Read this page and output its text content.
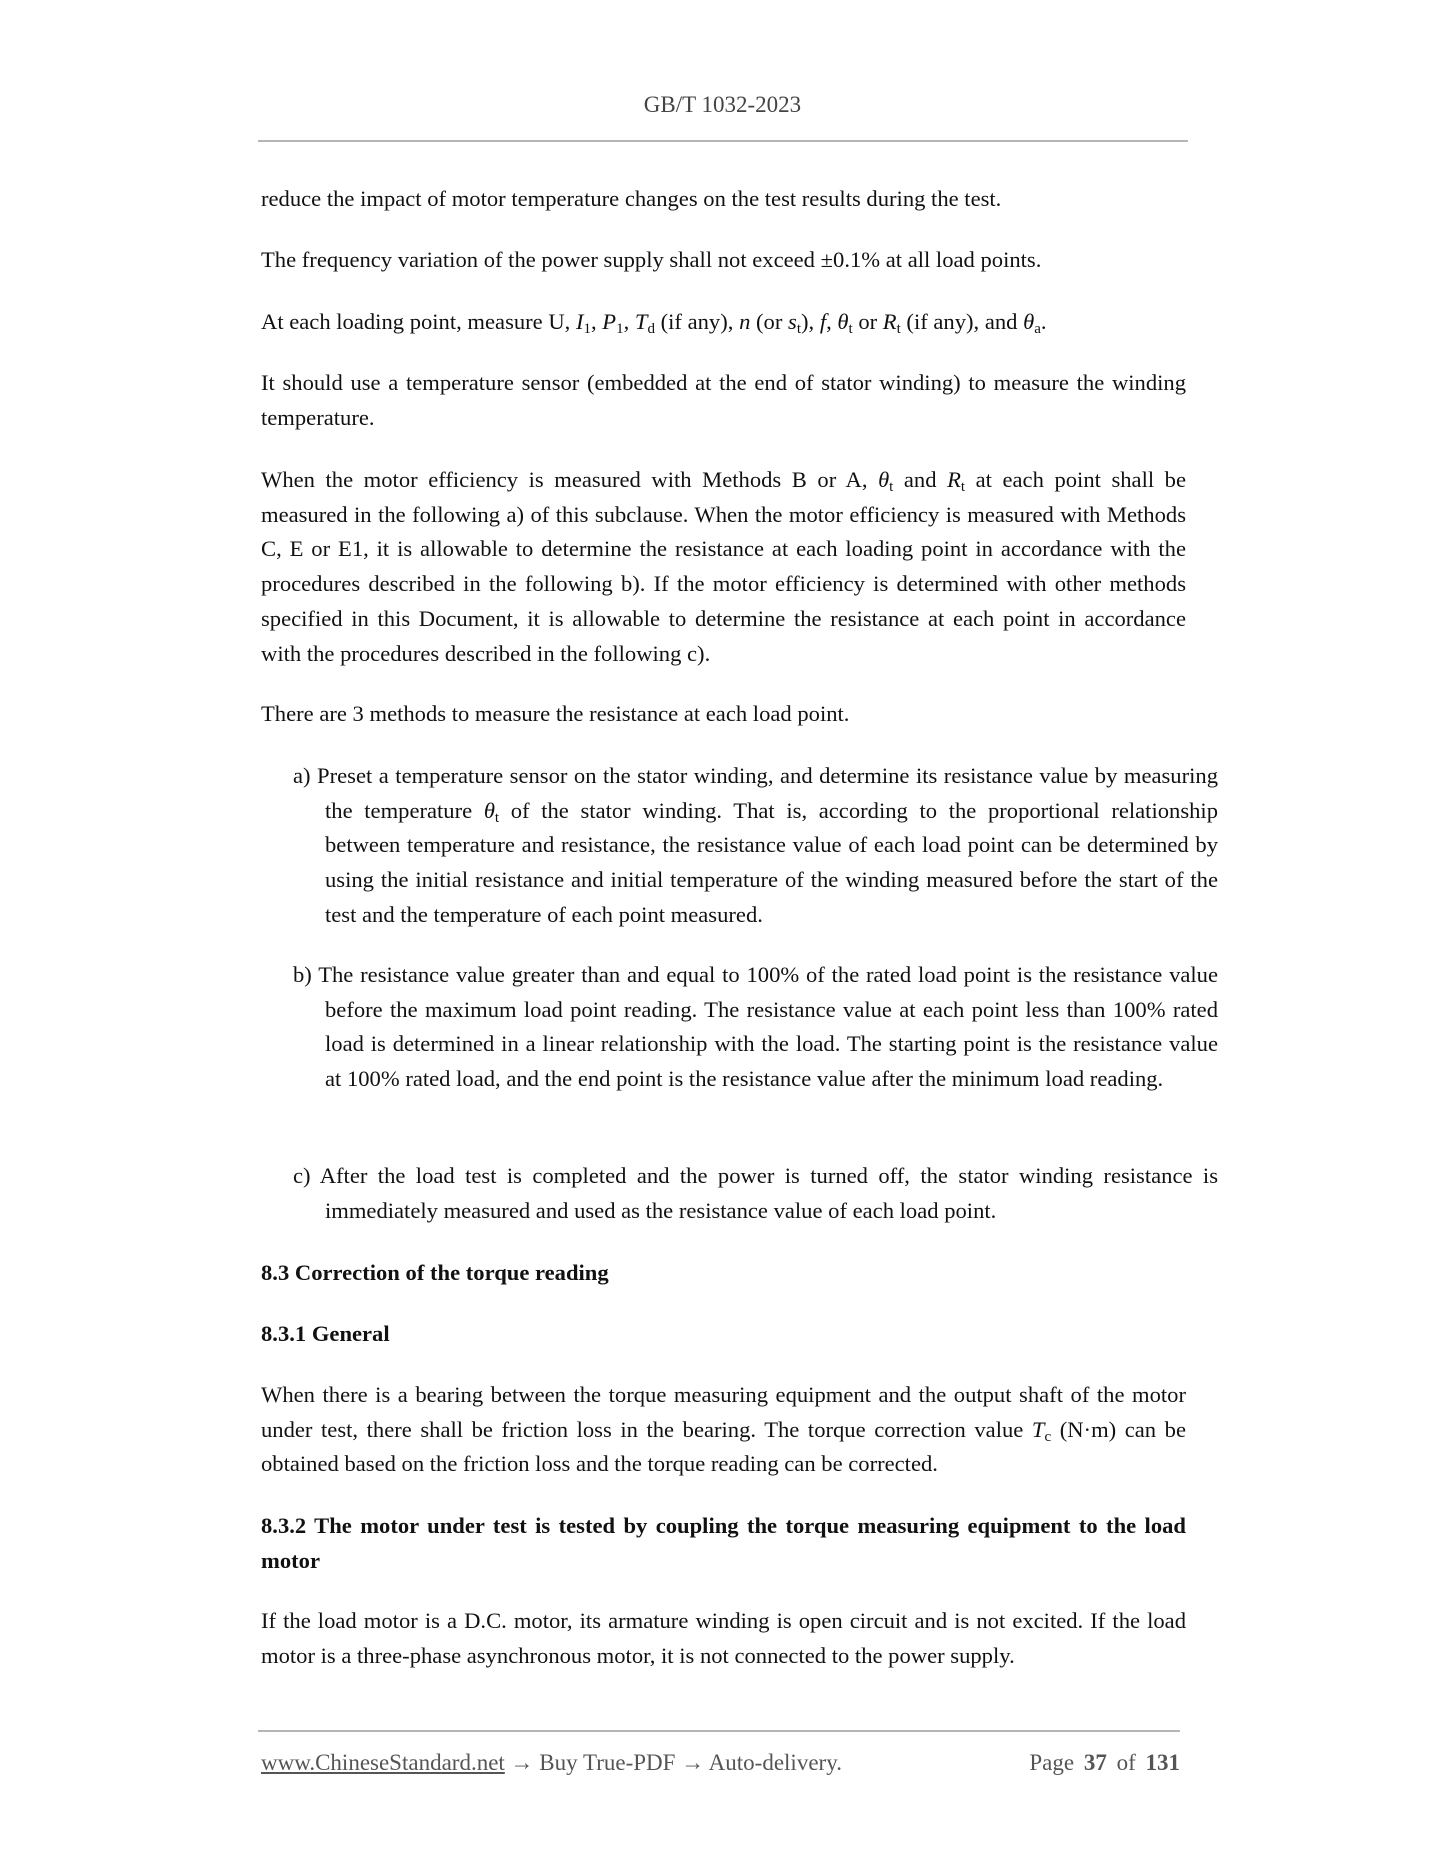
GB/T 1032-2023
reduce the impact of motor temperature changes on the test results during the test.
The frequency variation of the power supply shall not exceed ±0.1% at all load points.
At each loading point, measure U, $I_1$, $P_1$, $T_d$ (if any), n (or $s_t$), f, $\theta_t$ or $R_t$ (if any), and $\theta_a$.
It should use a temperature sensor (embedded at the end of stator winding) to measure the winding temperature.
When the motor efficiency is measured with Methods B or A, $\theta_t$ and $R_t$ at each point shall be measured in the following a) of this subclause. When the motor efficiency is measured with Methods C, E or E1, it is allowable to determine the resistance at each loading point in accordance with the procedures described in the following b). If the motor efficiency is determined with other methods specified in this Document, it is allowable to determine the resistance at each point in accordance with the procedures described in the following c).
There are 3 methods to measure the resistance at each load point.
a) Preset a temperature sensor on the stator winding, and determine its resistance value by measuring the temperature $\theta_t$ of the stator winding. That is, according to the proportional relationship between temperature and resistance, the resistance value of each load point can be determined by using the initial resistance and initial temperature of the winding measured before the start of the test and the temperature of each point measured.
b) The resistance value greater than and equal to 100% of the rated load point is the resistance value before the maximum load point reading. The resistance value at each point less than 100% rated load is determined in a linear relationship with the load. The starting point is the resistance value at 100% rated load, and the end point is the resistance value after the minimum load reading.
c) After the load test is completed and the power is turned off, the stator winding resistance is immediately measured and used as the resistance value of each load point.
8.3 Correction of the torque reading
8.3.1 General
When there is a bearing between the torque measuring equipment and the output shaft of the motor under test, there shall be friction loss in the bearing. The torque correction value $T_c$ (N·m) can be obtained based on the friction loss and the torque reading can be corrected.
8.3.2 The motor under test is tested by coupling the torque measuring equipment to the load motor
If the load motor is a D.C. motor, its armature winding is open circuit and is not excited. If the load motor is a three-phase asynchronous motor, it is not connected to the power supply.
www.ChineseStandard.net → Buy True-PDF → Auto-delivery.	Page 37 of 131
